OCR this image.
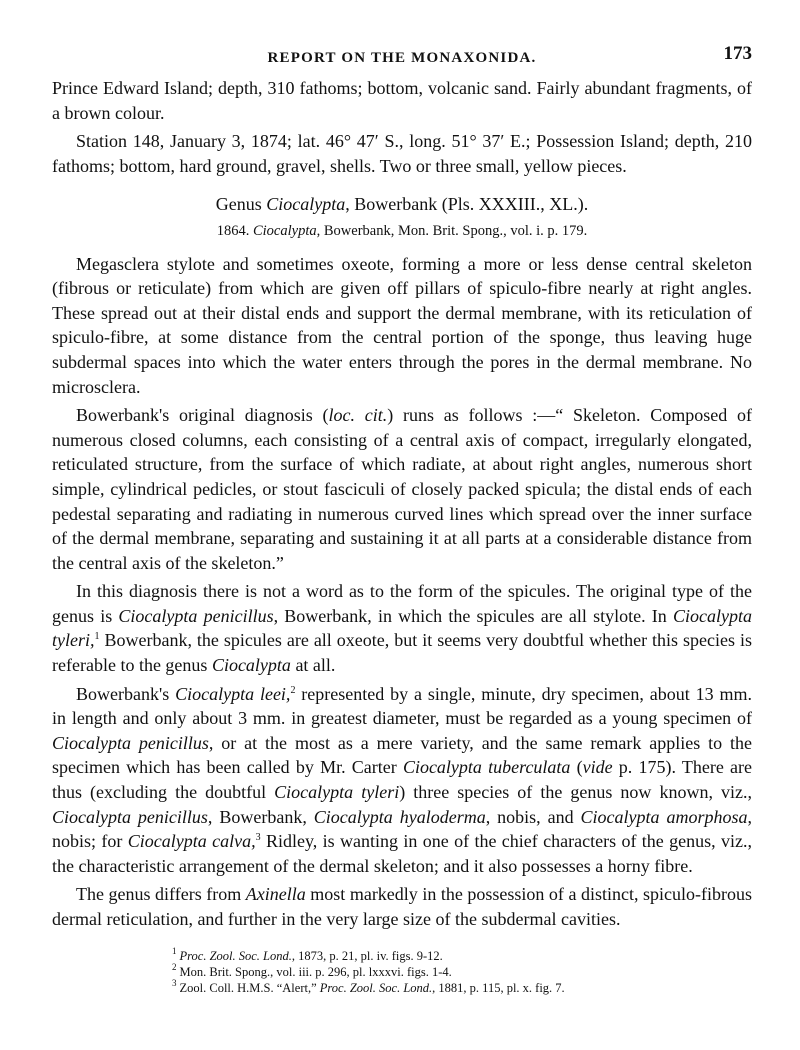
REPORT ON THE MONAXONIDA.	173

Prince Edward Island; depth, 310 fathoms; bottom, volcanic sand. Fairly abundant fragments, of a brown colour.

Station 148, January 3, 1874; lat. 46° 47′ S., long. 51° 37′ E.; Possession Island; depth, 210 fathoms; bottom, hard ground, gravel, shells. Two or three small, yellow pieces.

Genus Ciocalypta, Bowerbank (Pls. XXXIII., XL.).
1864. Ciocalypta, Bowerbank, Mon. Brit. Spong., vol. i. p. 179.

Megasclera stylote and sometimes oxeote, forming a more or less dense central skeleton (fibrous or reticulate) from which are given off pillars of spiculo-fibre nearly at right angles. These spread out at their distal ends and support the dermal membrane, with its reticulation of spiculo-fibre, at some distance from the central portion of the sponge, thus leaving huge subdermal spaces into which the water enters through the pores in the dermal membrane. No microsclera.

Bowerbank's original diagnosis (loc. cit.) runs as follows :—“ Skeleton. Composed of numerous closed columns, each consisting of a central axis of compact, irregularly elongated, reticulated structure, from the surface of which radiate, at about right angles, numerous short simple, cylindrical pedicles, or stout fasciculi of closely packed spicula; the distal ends of each pedestal separating and radiating in numerous curved lines which spread over the inner surface of the dermal membrane, separating and sustaining it at all parts at a considerable distance from the central axis of the skeleton.”

In this diagnosis there is not a word as to the form of the spicules. The original type of the genus is Ciocalypta penicillus, Bowerbank, in which the spicules are all stylote. In Ciocalypta tyleri,$^1$ Bowerbank, the spicules are all oxeote, but it seems very doubtful whether this species is referable to the genus Ciocalypta at all.

Bowerbank's Ciocalypta leei,$^2$ represented by a single, minute, dry specimen, about 13 mm. in length and only about 3 mm. in greatest diameter, must be regarded as a young specimen of Ciocalypta penicillus, or at the most as a mere variety, and the same remark applies to the specimen which has been called by Mr. Carter Ciocalypta tuberculata (vide p. 175). There are thus (excluding the doubtful Ciocalypta tyleri) three species of the genus now known, viz., Ciocalypta penicillus, Bowerbank, Ciocalypta hyaloderma, nobis, and Ciocalypta amorphosa, nobis; for Ciocalypta calva,$^3$ Ridley, is wanting in one of the chief characters of the genus, viz., the characteristic arrangement of the dermal skeleton; and it also possesses a horny fibre.

The genus differs from Axinella most markedly in the possession of a distinct, spiculo-fibrous dermal reticulation, and further in the very large size of the subdermal cavities.

$^1$ Proc. Zool. Soc. Lond., 1873, p. 21, pl. iv. figs. 9-12.
$^2$ Mon. Brit. Spong., vol. iii. p. 296, pl. lxxxvi. figs. 1-4.
$^3$ Zool. Coll. H.M.S. “Alert,” Proc. Zool. Soc. Lond., 1881, p. 115, pl. x. fig. 7.
